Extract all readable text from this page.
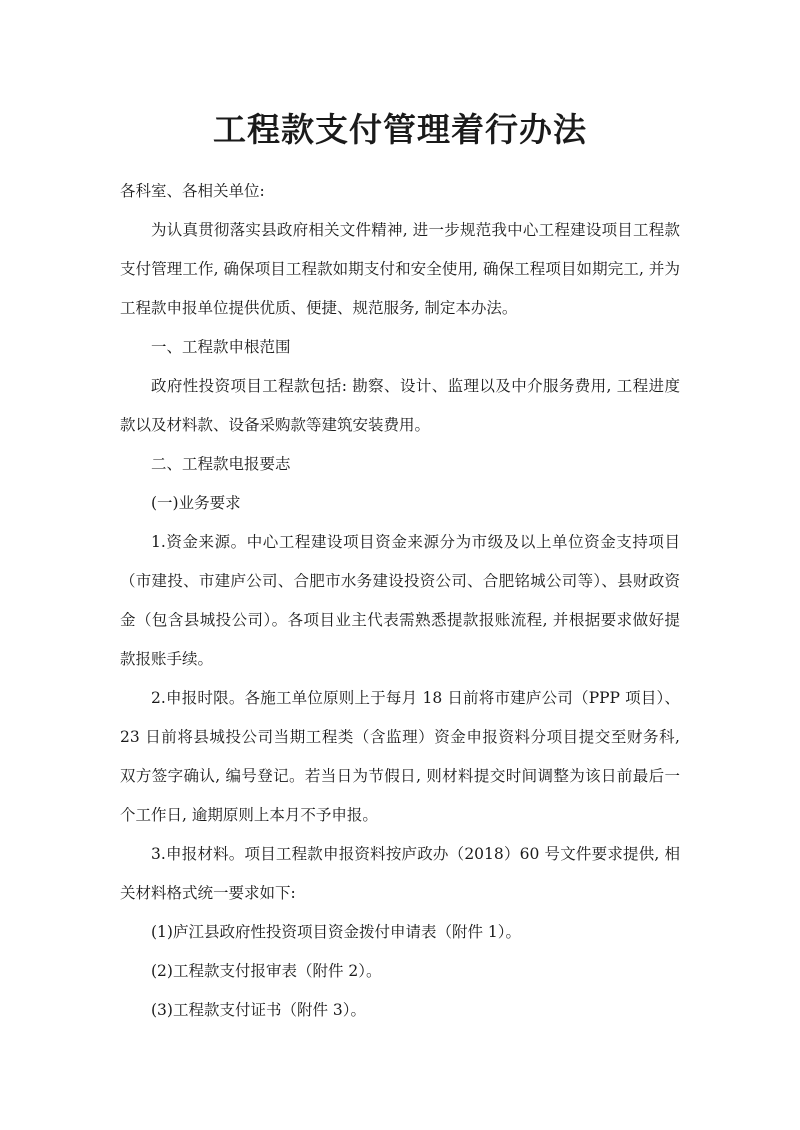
工程款支付管理着行办法

各科室、各相关单位:

为认真贯彻落实县政府相关文件精神, 进一步规范我中心工程建设项目工程款支付管理工作, 确保项目工程款如期支付和安全使用, 确保工程项目如期完工, 并为工程款申报单位提供优质、便捷、规范服务, 制定本办法。

一、工程款申根范围

政府性投资项目工程款包括: 勘察、设计、监理以及中介服务费用, 工程进度款以及材料款、设备采购款等建筑安装费用。

二、工程款电报要志

(一)业务要求

1.资金来源。中心工程建设项目资金来源分为市级及以上单位资金支持项目（市建投、市建庐公司、合肥市水务建设投资公司、合肥铭城公司等）、县财政资金（包含县城投公司）。各项目业主代表需熟悉提款报账流程, 并根据要求做好提款报账手续。

2.申报时限。各施工单位原则上于每月 18 日前将市建庐公司（PPP 项目）、23 日前将县城投公司当期工程类（含监理）资金申报资料分项目提交至财务科, 双方签字确认, 编号登记。若当日为节假日, 则材料提交时间调整为该日前最后一个工作日, 逾期原则上本月不予申报。

3.申报材料。项目工程款申报资料按庐政办（2018）60 号文件要求提供, 相关材料格式统一要求如下:

(1)庐江县政府性投资项目资金拨付申请表（附件 1）。

(2)工程款支付报审表（附件 2）。

(3)工程款支付证书（附件 3）。
